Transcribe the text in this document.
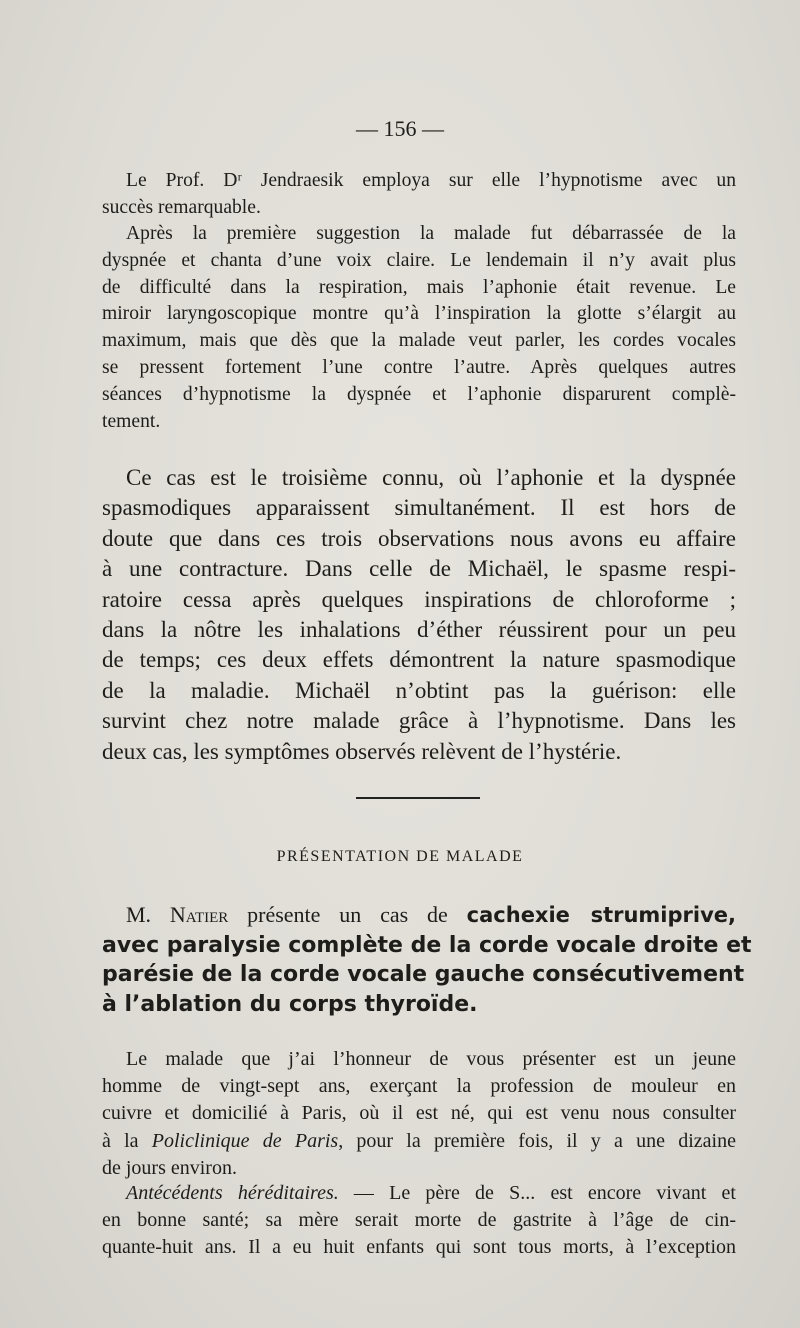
— 156 —
Le Prof. Dʳ Jendraesik employa sur elle l’hypnotisme avec un
succès remarquable.
Après la première suggestion la malade fut débarrassée de la
dyspnée et chanta d’une voix claire. Le lendemain il n’y avait plus
de difficulté dans la respiration, mais l’aphonie était revenue. Le
miroir laryngoscopique montre qu’à l’inspiration la glotte s’élargit au
maximum, mais que dès que la malade veut parler, les cordes vocales
se pressent fortement l’une contre l’autre. Après quelques autres
séances d’hypnotisme la dyspnée et l’aphonie disparurent complè-
tement.
Ce cas est le troisième connu, où l’aphonie et la dyspnée
spasmodiques apparaissent simultanément. Il est hors de
doute que dans ces trois observations nous avons eu affaire
à une contracture. Dans celle de Michaël, le spasme respi-
ratoire cessa après quelques inspirations de chloroforme ;
dans la nôtre les inhalations d’éther réussirent pour un peu
de temps; ces deux effets démontrent la nature spasmodique
de la maladie. Michaël n’obtint pas la guérison: elle
survint chez notre malade grâce à l’hypnotisme. Dans les
deux cas, les symptômes observés relèvent de l’hystérie.
PRÉSENTATION DE MALADE
M. Natier présente un cas de cachexie strumiprive,
avec paralysie complète de la corde vocale droite et
parésie de la corde vocale gauche consécutivement
à l’ablation du corps thyroïde.
Le malade que j’ai l’honneur de vous présenter est un jeune
homme de vingt-sept ans, exerçant la profession de mouleur en
cuivre et domicilié à Paris, où il est né, qui est venu nous consulter
à la Policlinique de Paris, pour la première fois, il y a une dizaine
de jours environ.
Antécédents héréditaires. — Le père de S... est encore vivant et
en bonne santé; sa mère serait morte de gastrite à l’âge de cin-
quante-huit ans. Il a eu huit enfants qui sont tous morts, à l’exception
